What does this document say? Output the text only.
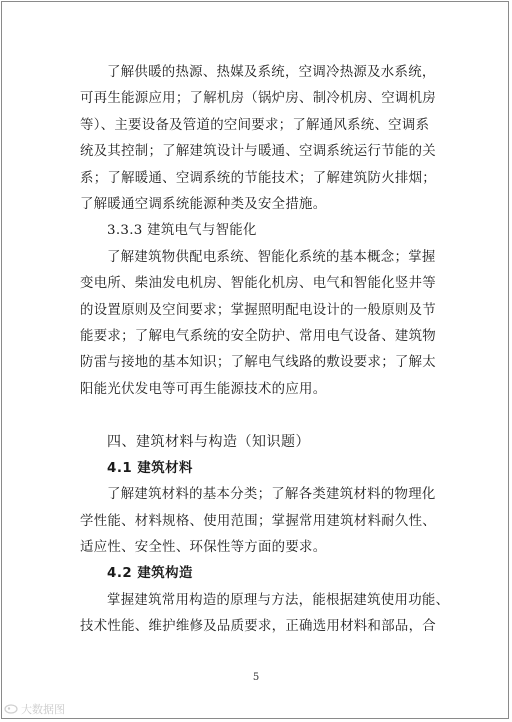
了解供暖的热源、热媒及系统，空调冷热源及水系统，
可再生能源应用；了解机房（锅炉房、制冷机房、空调机房
等）、主要设备及管道的空间要求；了解通风系统、空调系
统及其控制；了解建筑设计与暖通、空调系统运行节能的关
系；了解暖通、空调系统的节能技术；了解建筑防火排烟；
了解暖通空调系统能源种类及安全措施。

3.3.3 建筑电气与智能化

了解建筑物供配电系统、智能化系统的基本概念；掌握
变电所、柴油发电机房、智能化机房、电气和智能化竖井等
的设置原则及空间要求；掌握照明配电设计的一般原则及节
能要求；了解电气系统的安全防护、常用电气设备、建筑物
防雷与接地的基本知识；了解电气线路的敷设要求；了解太
阳能光伏发电等可再生能源技术的应用。

四、建筑材料与构造（知识题）

4.1 建筑材料

了解建筑材料的基本分类；了解各类建筑材料的物理化
学性能、材料规格、使用范围；掌握常用建筑材料耐久性、
适应性、安全性、环保性等方面的要求。

4.2 建筑构造

掌握建筑常用构造的原理与方法，能根据建筑使用功能、
技术性能、维护维修及品质要求，正确选用材料和部品，合

5
大数据图
